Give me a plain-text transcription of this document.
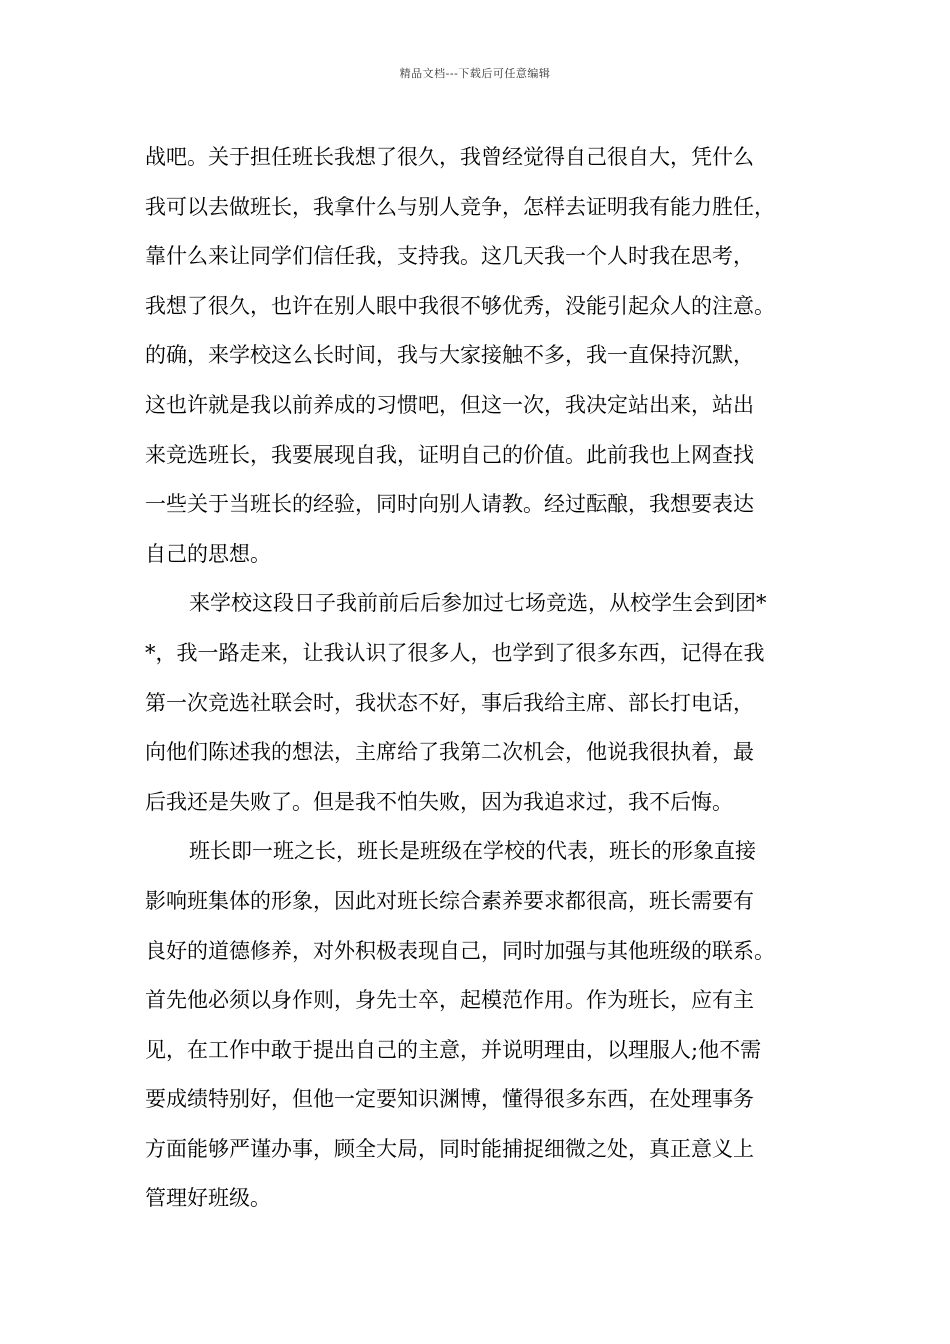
精品文档---下载后可任意编辑

战吧。关于担任班长我想了很久，我曾经觉得自己很自大，凭什么
我可以去做班长，我拿什么与别人竞争，怎样去证明我有能力胜任，
靠什么来让同学们信任我，支持我。这几天我一个人时我在思考，
我想了很久，也许在别人眼中我很不够优秀，没能引起众人的注意。
的确，来学校这么长时间，我与大家接触不多，我一直保持沉默，
这也许就是我以前养成的习惯吧，但这一次，我决定站出来，站出
来竞选班长，我要展现自我，证明自己的价值。此前我也上网查找
一些关于当班长的经验，同时向别人请教。经过酝酿，我想要表达
自己的思想。

来学校这段日子我前前后后参加过七场竞选，从校学生会到团*
*，我一路走来，让我认识了很多人，也学到了很多东西，记得在我
第一次竞选社联会时，我状态不好，事后我给主席、部长打电话，
向他们陈述我的想法，主席给了我第二次机会，他说我很执着，最
后我还是失败了。但是我不怕失败，因为我追求过，我不后悔。

班长即一班之长，班长是班级在学校的代表，班长的形象直接
影响班集体的形象，因此对班长综合素养要求都很高，班长需要有
良好的道德修养，对外积极表现自己，同时加强与其他班级的联系。
首先他必须以身作则，身先士卒，起模范作用。作为班长，应有主
见，在工作中敢于提出自己的主意，并说明理由，以理服人;他不需
要成绩特别好，但他一定要知识渊博，懂得很多东西，在处理事务
方面能够严谨办事，顾全大局，同时能捕捉细微之处，真正意义上
管理好班级。
